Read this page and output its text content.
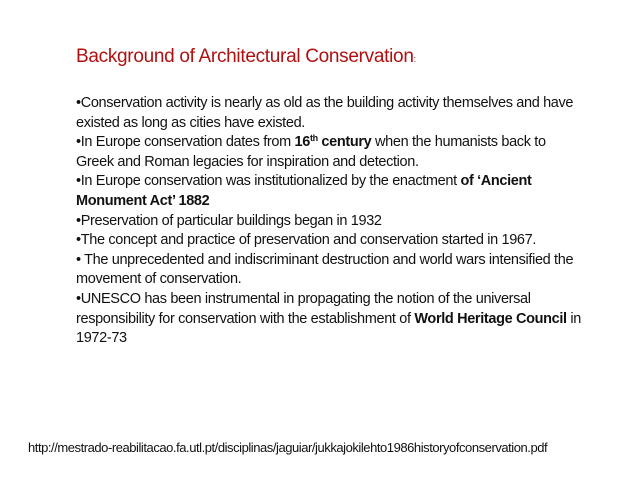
Background of Architectural Conservation:

•Conservation activity is nearly as old as the building activity themselves and have existed as long as cities have existed.

•In Europe conservation dates from 16th century when the humanists back to Greek and Roman legacies for inspiration and detection.

•In Europe conservation was institutionalized by the enactment of ‘Ancient Monument Act’ 1882

•Preservation of particular buildings began in 1932

•The concept and practice of preservation and conservation started in 1967.

• The unprecedented and indiscriminant destruction and world wars intensified the movement of conservation.

•UNESCO has been instrumental in propagating the notion of the universal responsibility for conservation with the establishment of World Heritage Council in 1972-73

http://mestrado-reabilitacao.fa.utl.pt/disciplinas/jaguiar/jukkajokilehto1986historyofconservation.pdf
